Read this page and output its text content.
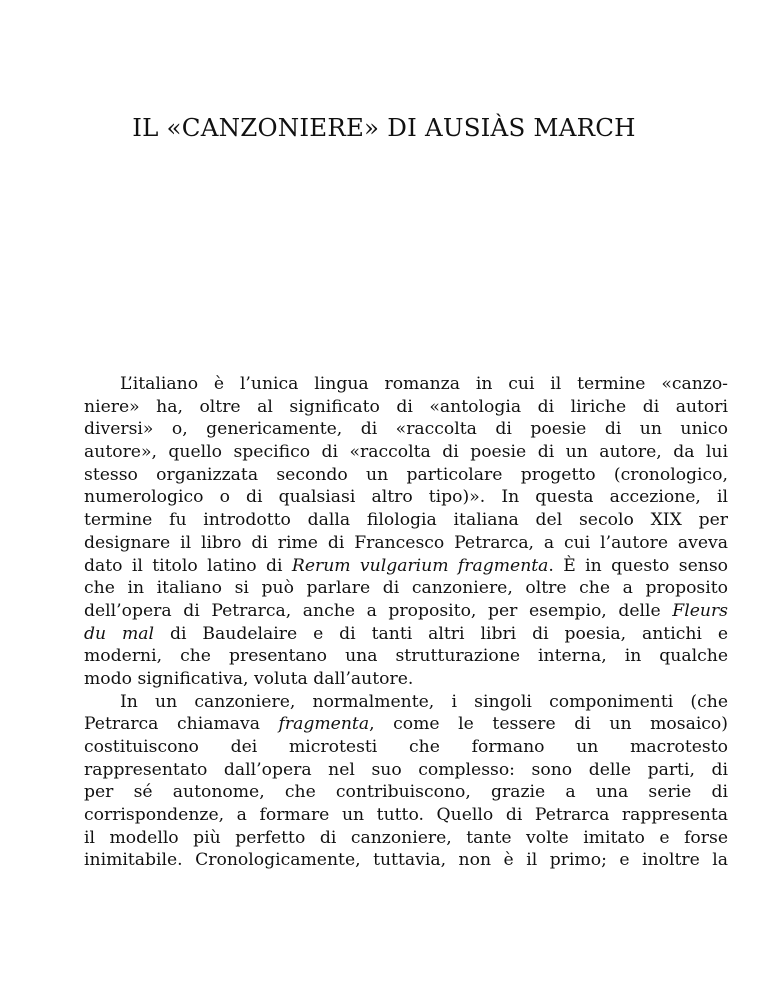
IL «CANZONIERE» DI AUSIÀS MARCH
L’italiano è l’unica lingua romanza in cui il termine «canzo-
niere» ha, oltre al significato di «antologia di liriche di autori
diversi» o, genericamente, di «raccolta di poesie di un unico
autore», quello specifico di «raccolta di poesie di un autore, da lui
stesso organizzata secondo un particolare progetto (cronologico,
numerologico o di qualsiasi altro tipo)». In questa accezione, il
termine fu introdotto dalla filologia italiana del secolo XIX per
designare il libro di rime di Francesco Petrarca, a cui l’autore aveva
dato il titolo latino di Rerum vulgarium fragmenta. È in questo senso
che in italiano si può parlare di canzoniere, oltre che a proposito
dell’opera di Petrarca, anche a proposito, per esempio, delle Fleurs
du mal di Baudelaire e di tanti altri libri di poesia, antichi e
moderni, che presentano una strutturazione interna, in qualche
modo significativa, voluta dall’autore.
In un canzoniere, normalmente, i singoli componimenti (che
Petrarca chiamava fragmenta, come le tessere di un mosaico)
costituiscono dei microtesti che formano un macrotesto
rappresentato dall’opera nel suo complesso: sono delle parti, di
per sé autonome, che contribuiscono, grazie a una serie di
corrispondenze, a formare un tutto. Quello di Petrarca rappresenta
il modello più perfetto di canzoniere, tante volte imitato e forse
inimitabile. Cronologicamente, tuttavia, non è il primo; e inoltre la
